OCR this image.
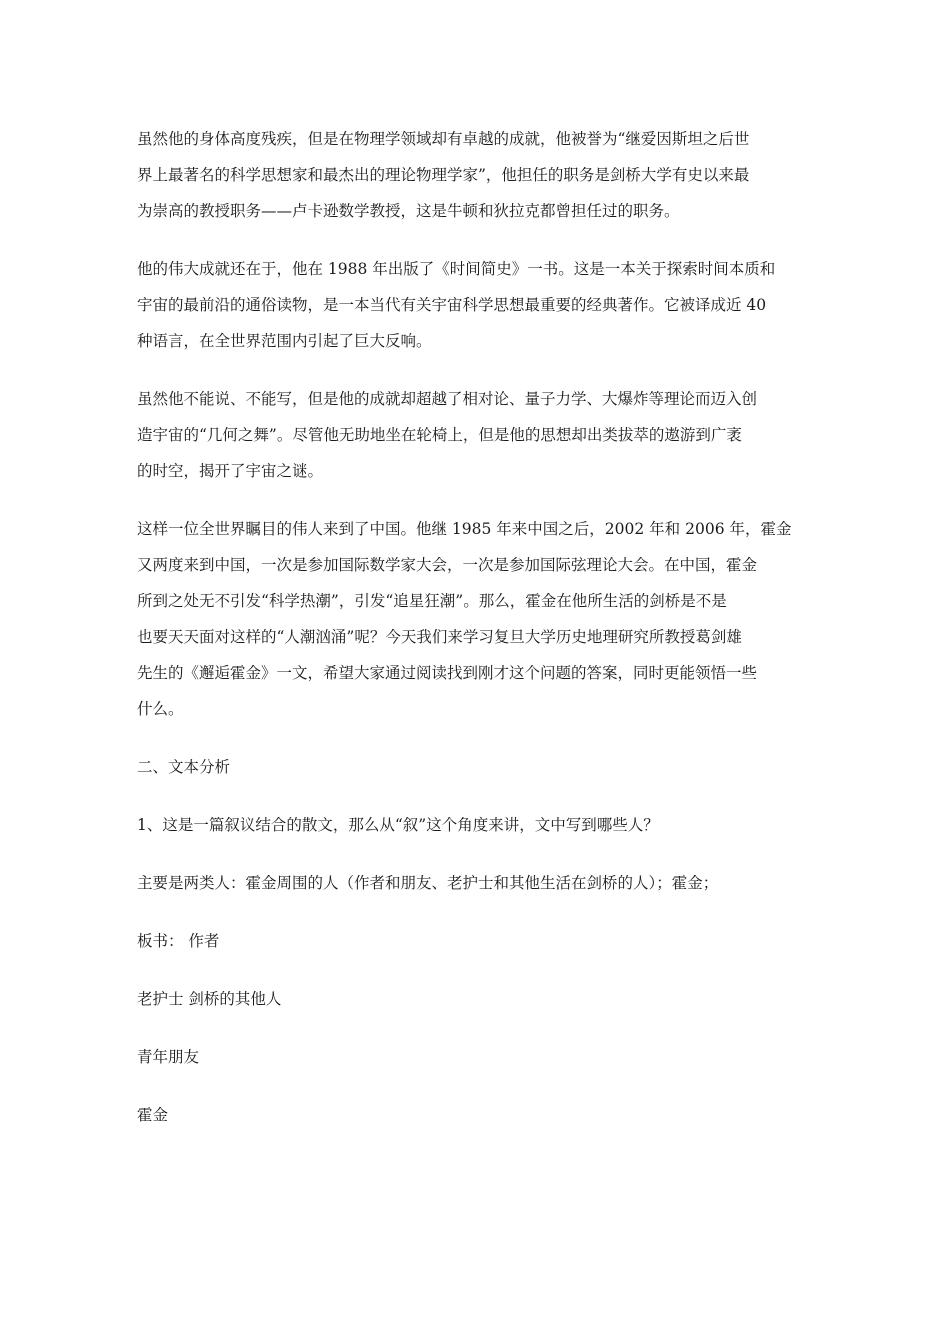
虽然他的身体高度残疾，但是在物理学领域却有卓越的成就，他被誉为“继爱因斯坦之后世
界上最著名的科学思想家和最杰出的理论物理学家”，他担任的职务是剑桥大学有史以来最
为崇高的教授职务——卢卡逊数学教授，这是牛顿和狄拉克都曾担任过的职务。
他的伟大成就还在于，他在 1988 年出版了《时间简史》一书。这是一本关于探索时间本质和
宇宙的最前沿的通俗读物，是一本当代有关宇宙科学思想最重要的经典著作。它被译成近 40
种语言，在全世界范围内引起了巨大反响。
虽然他不能说、不能写，但是他的成就却超越了相对论、量子力学、大爆炸等理论而迈入创
造宇宙的“几何之舞”。尽管他无助地坐在轮椅上，但是他的思想却出类拔萃的遨游到广袤
的时空，揭开了宇宙之谜。
这样一位全世界瞩目的伟人来到了中国。他继 1985 年来中国之后，2002 年和 2006 年，霍金
又两度来到中国，一次是参加国际数学家大会，一次是参加国际弦理论大会。在中国，霍金
所到之处无不引发“科学热潮”，引发“追星狂潮”。那么，霍金在他所生活的剑桥是不是
也要天天面对这样的“人潮汹涌”呢？今天我们来学习复旦大学历史地理研究所教授葛剑雄
先生的《邂逅霍金》一文，希望大家通过阅读找到刚才这个问题的答案，同时更能领悟一些
什么。
二、文本分析
1、这是一篇叙议结合的散文，那么从“叙”这个角度来讲，文中写到哪些人？
主要是两类人：霍金周围的人（作者和朋友、老护士和其他生活在剑桥的人）；霍金；
板书： 作者
老护士 剑桥的其他人
青年朋友
霍金
